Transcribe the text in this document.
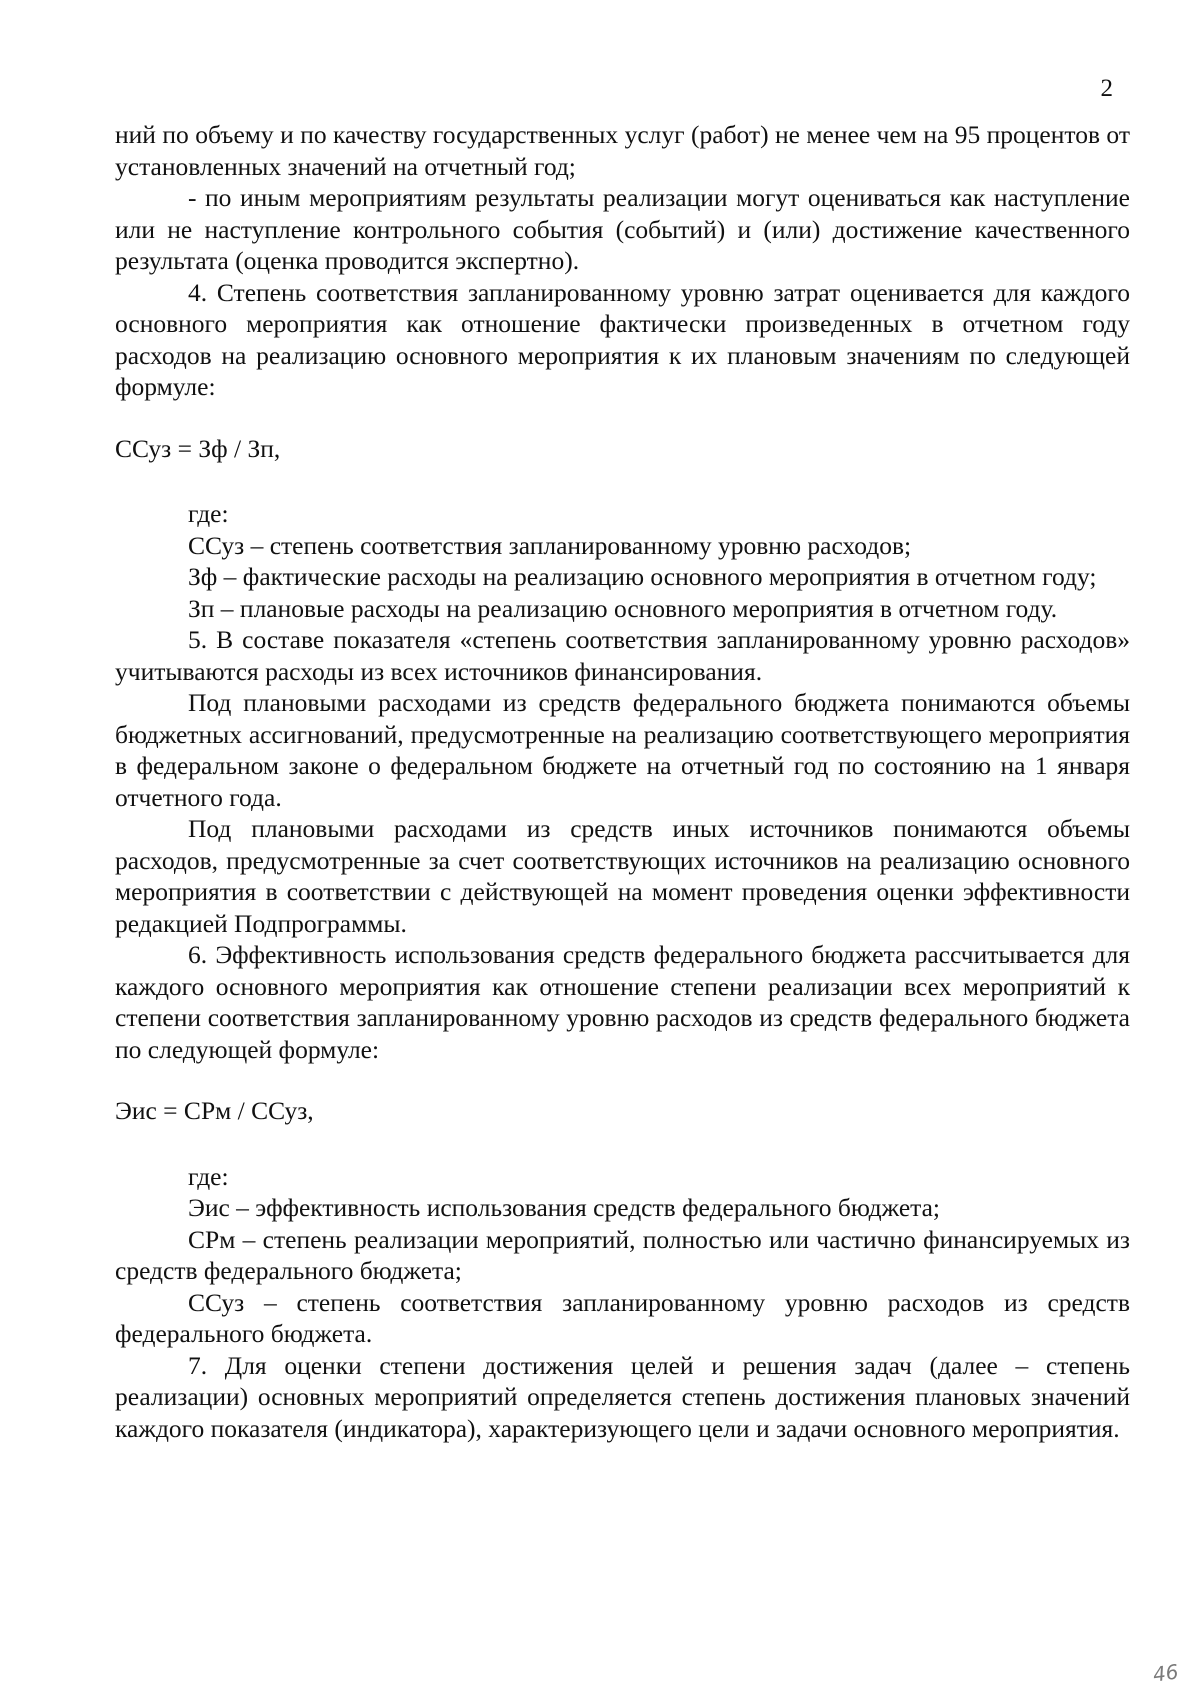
2

ний по объему и по качеству государственных услуг (работ) не менее чем на 95 процентов от установленных значений на отчетный год;

- по иным мероприятиям результаты реализации могут оцениваться как наступление или не наступление контрольного события (событий) и (или) достижение качественного результата (оценка проводится экспертно).

4. Степень соответствия запланированному уровню затрат оценивается для каждого основного мероприятия как отношение фактически произведенных в отчетном году расходов на реализацию основного мероприятия к их плановым значениям по следующей формуле:

ССуз = Зф / Зп,

где:

ССуз – степень соответствия запланированному уровню расходов;

Зф – фактические расходы на реализацию основного мероприятия в отчетном году;

Зп – плановые расходы на реализацию основного мероприятия в отчетном году.

5. В составе показателя «степень соответствия запланированному уровню расходов» учитываются расходы из всех источников финансирования.

Под плановыми расходами из средств федерального бюджета понимаются объемы бюджетных ассигнований, предусмотренные на реализацию соответствующего мероприятия в федеральном законе о федеральном бюджете на отчетный год по состоянию на 1 января отчетного года.

Под плановыми расходами из средств иных источников понимаются объемы расходов, предусмотренные за счет соответствующих источников на реализацию основного мероприятия в соответствии с действующей на момент проведения оценки эффективности редакцией Подпрограммы.

6. Эффективность использования средств федерального бюджета рассчитывается для каждого основного мероприятия как отношение степени реализации всех мероприятий к степени соответствия запланированному уровню расходов из средств федерального бюджета по следующей формуле:

Эис = СРм / ССуз,

где:

Эис – эффективность использования средств федерального бюджета;

СРм – степень реализации мероприятий, полностью или частично финансируемых из средств федерального бюджета;

ССуз – степень соответствия запланированному уровню расходов из средств федерального бюджета.

7. Для оценки степени достижения целей и решения задач (далее – степень реализации) основных мероприятий определяется степень достижения плановых значений каждого показателя (индикатора), характеризующего цели и задачи основного мероприятия.

46
